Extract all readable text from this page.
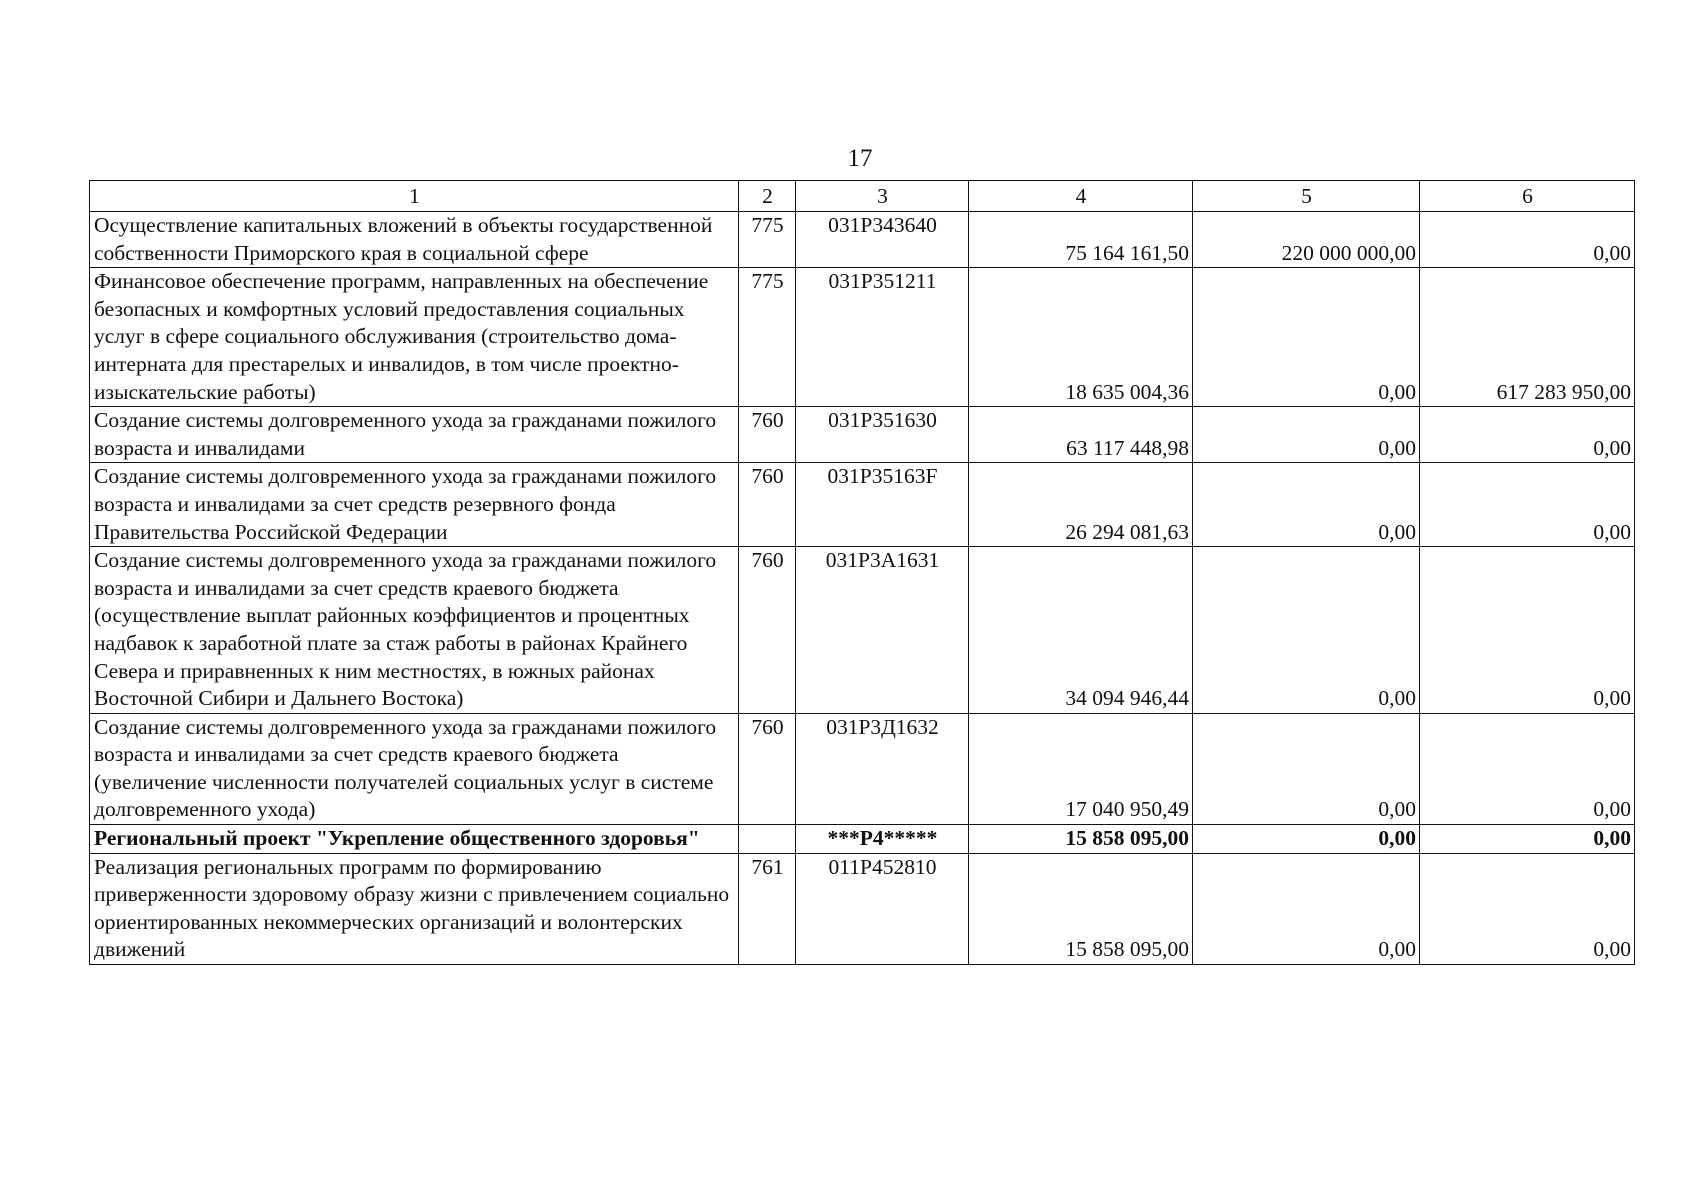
17
1	2	3	4	5	6
Осуществление капитальных вложений в объекты государственной собственности Приморского края в социальной сфере	775	031P343640	75 164 161,50	220 000 000,00	0,00
Финансовое обеспечение программ, направленных на обеспечение безопасных и комфортных условий предоставления социальных услуг в сфере социального обслуживания (строительство дома-интерната для престарелых и инвалидов, в том числе проектно-изыскательские работы)	775	031P351211	18 635 004,36	0,00	617 283 950,00
Создание системы долговременного ухода за гражданами пожилого возраста и инвалидами	760	031P351630	63 117 448,98	0,00	0,00
Создание системы долговременного ухода за гражданами пожилого возраста и инвалидами за счет средств резервного фонда Правительства Российской Федерации	760	031P35163F	26 294 081,63	0,00	0,00
Создание системы долговременного ухода за гражданами пожилого возраста и инвалидами за счет средств краевого бюджета (осуществление выплат районных коэффициентов и процентных надбавок к заработной плате за стаж работы в районах Крайнего Севера и приравненных к ним местностях, в южных районах Восточной Сибири и Дальнего Востока)	760	031P3A1631	34 094 946,44	0,00	0,00
Создание системы долговременного ухода за гражданами пожилого возраста и инвалидами за счет средств краевого бюджета (увеличение численности получателей социальных услуг в системе долговременного ухода)	760	031P3Д1632	17 040 950,49	0,00	0,00
Региональный проект "Укрепление общественного здоровья"		***P4*****	15 858 095,00	0,00	0,00
Реализация региональных программ по формированию приверженности здоровому образу жизни с привлечением социально ориентированных некоммерческих организаций и волонтерских движений	761	011P452810	15 858 095,00	0,00	0,00
